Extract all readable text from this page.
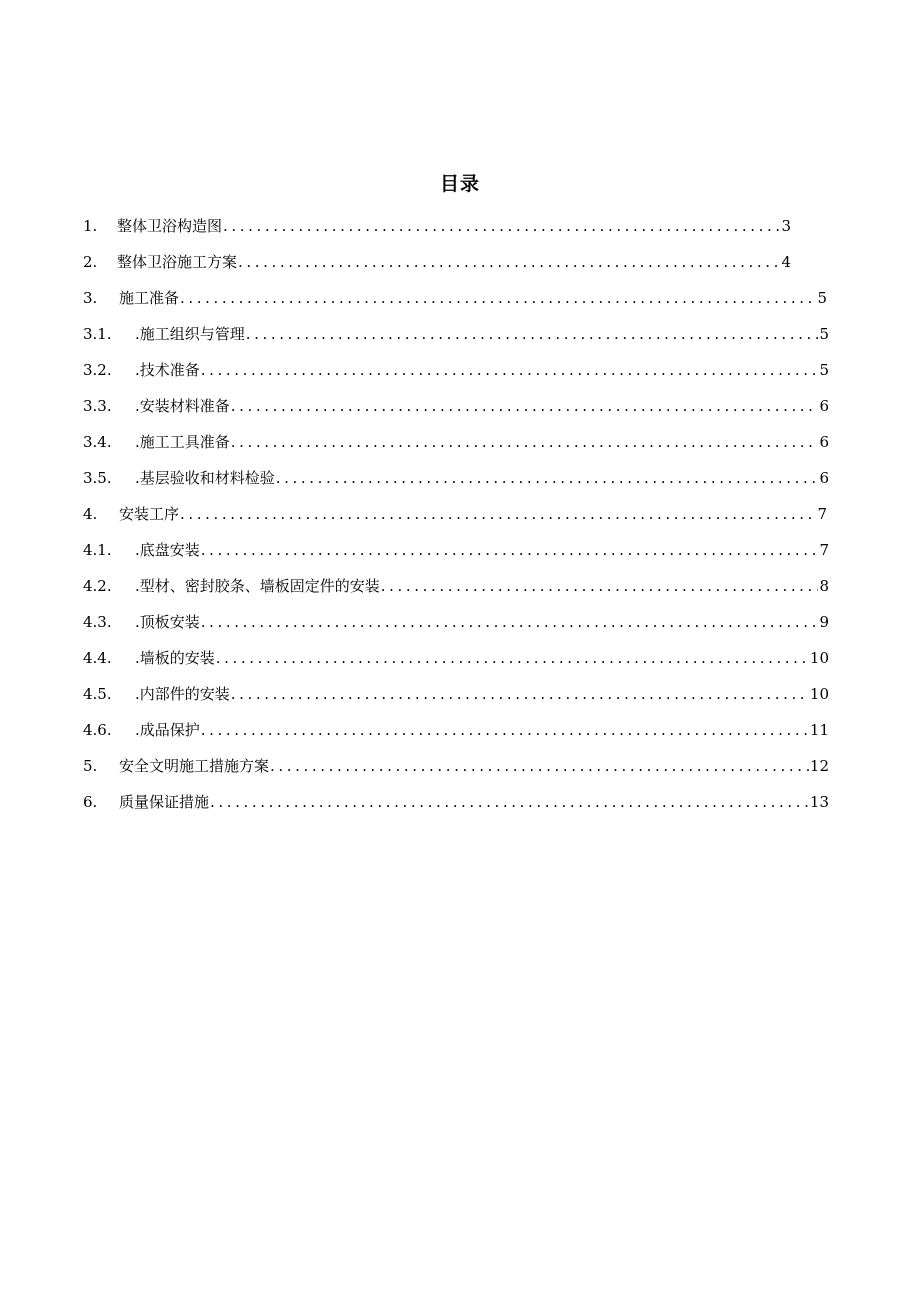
目录
1.	整体卫浴构造图 .....	3
2.	整体卫浴施工方案 .....	4
3.	施工准备 .....	5
3.1.	.施工组织与管理 .....	5
3.2.	.技术准备 .....	5
3.3.	.安装材料准备 .....	6
3.4.	.施工工具准备 .....	6
3.5.	.基层验收和材料检验 .....	6
4.	安装工序 .....	7
4.1.	.底盘安装 .....	7
4.2.	.型材、密封胶条、墙板固定件的安装 .....	8
4.3.	.顶板安装 .....	9
4.4.	.墙板的安装 .....	10
4.5.	.内部件的安装 .....	10
4.6.	.成品保护 .....	11
5.	安全文明施工措施方案 .....	12
6.	质量保证措施 .....	13
